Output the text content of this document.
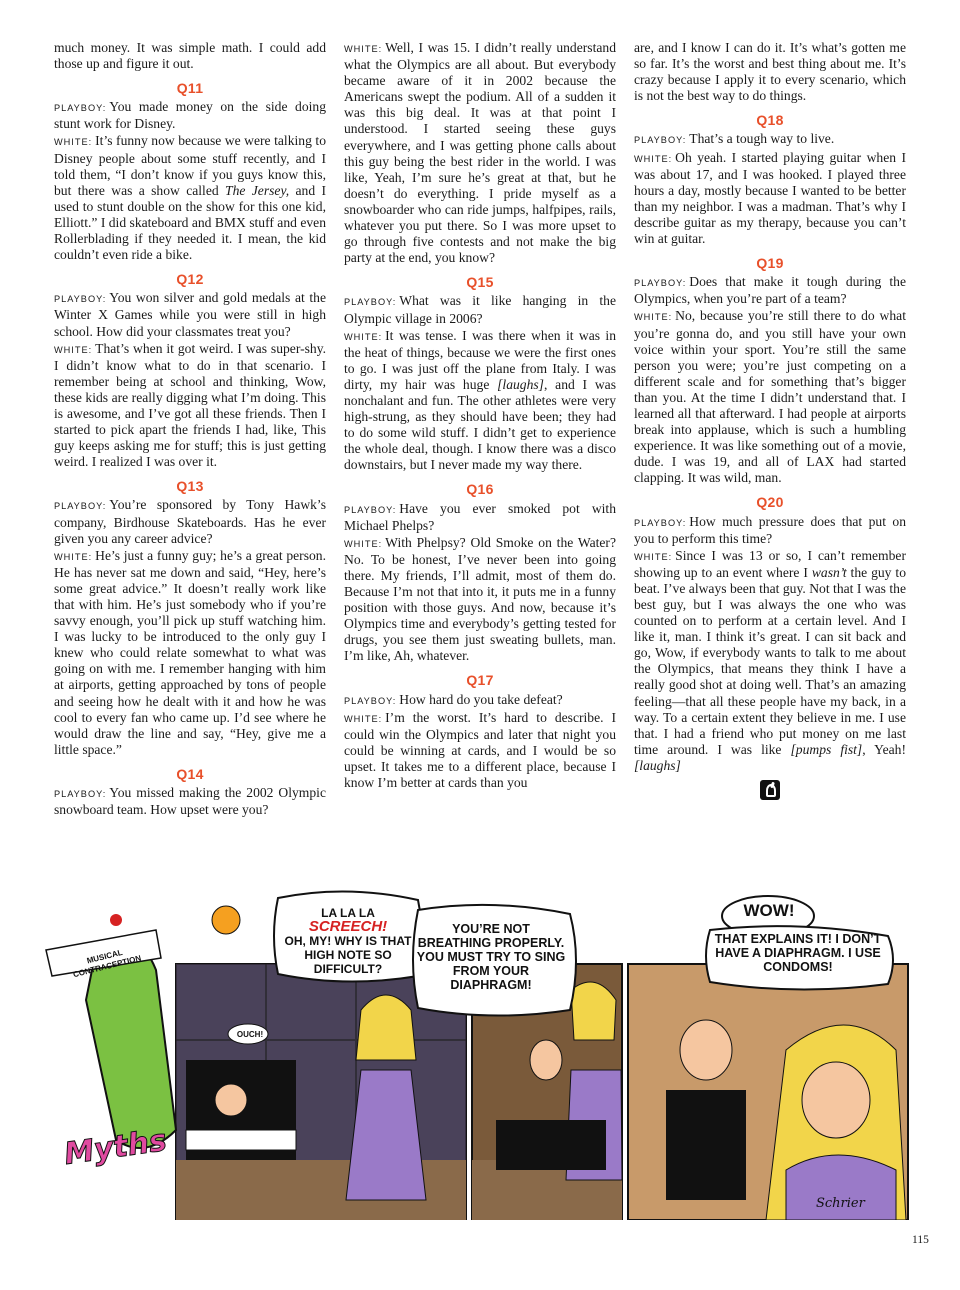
much money. It was simple math. I could add those up and figure it out.

Q11

PLAYBOY: You made money on the side doing stunt work for Disney.

WHITE: It’s funny now because we were talking to Disney people about some stuff recently, and I told them, “I don’t know if you guys know this, but there was a show called The Jersey, and I used to stunt double on the show for this one kid, Elliott.” I did skateboard and BMX stuff and even Rollerblading if they needed it. I mean, the kid couldn’t even ride a bike.

Q12

PLAYBOY: You won silver and gold medals at the Winter X Games while you were still in high school. How did your classmates treat you?

WHITE: That’s when it got weird. I was super-shy. I didn’t know what to do in that scenario. I remember being at school and thinking, Wow, these kids are really digging what I’m doing. This is awesome, and I’ve got all these friends. Then I started to pick apart the friends I had, like, This guy keeps asking me for stuff; this is just getting weird. I realized I was over it.

Q13

PLAYBOY: You’re sponsored by Tony Hawk’s company, Birdhouse Skateboards. Has he ever given you any career advice?

WHITE: He’s just a funny guy; he’s a great person. He has never sat me down and said, “Hey, here’s some great advice.” It doesn’t really work like that with him. He’s just somebody who if you’re savvy enough, you’ll pick up stuff watching him. I was lucky to be introduced to the only guy I knew who could relate somewhat to what was going on with me. I remember hanging with him at airports, getting approached by tons of people and seeing how he dealt with it and how he was cool to every fan who came up. I’d see where he would draw the line and say, “Hey, give me a little space.”

Q14

PLAYBOY: You missed making the 2002 Olympic snowboard team. How upset were you?

WHITE: Well, I was 15. I didn’t really understand what the Olympics are all about. But everybody became aware of it in 2002 because the Americans swept the podium. All of a sudden it was this big deal. It was at that point I understood. I started seeing these guys everywhere, and I was getting phone calls about this guy being the best rider in the world. I was like, Yeah, I’m sure he’s great at that, but he doesn’t do everything. I pride myself as a snowboarder who can ride jumps, halfpipes, rails, whatever you put there. So I was more upset to go through five contests and not make the big party at the end, you know?

Q15

PLAYBOY: What was it like hanging in the Olympic village in 2006?

WHITE: It was tense. I was there when it was in the heat of things, because we were the first ones to go. I was just off the plane from Italy. I was dirty, my hair was huge [laughs], and I was nonchalant and fun. The other athletes were very high-strung, as they should have been; they had to do some wild stuff. I didn’t get to experience the whole deal, though. I know there was a disco downstairs, but I never made my way there.

Q16

PLAYBOY: Have you ever smoked pot with Michael Phelps?

WHITE: With Phelpsy? Old Smoke on the Water? No. To be honest, I’ve never been into going there. My friends, I’ll admit, most of them do. Because I’m not that into it, it puts me in a funny position with those guys. And now, because it’s Olympics time and everybody’s getting tested for drugs, you see them just sweating bullets, man. I’m like, Ah, whatever.

Q17

PLAYBOY: How hard do you take defeat?

WHITE: I’m the worst. It’s hard to describe. I could win the Olympics and later that night you could be winning at cards, and I would be so upset. It takes me to a different place, because I know I’m better at cards than you

are, and I know I can do it. It’s what’s gotten me so far. It’s the worst and best thing about me. It’s crazy because I apply it to every scenario, which is not the best way to do things.

Q18

PLAYBOY: That’s a tough way to live.

WHITE: Oh yeah. I started playing guitar when I was about 17, and I was hooked. I played three hours a day, mostly because I wanted to be better than my neighbor. I was a madman. That’s why I describe guitar as my therapy, because you can’t win at guitar.

Q19

PLAYBOY: Does that make it tough during the Olympics, when you’re part of a team?

WHITE: No, because you’re still there to do what you’re gonna do, and you still have your own voice within your sport. You’re still the same person you were; you’re just competing on a different scale and for something that’s bigger than you. At the time I didn’t understand that. I learned all that afterward. I had people at airports break into applause, which is such a humbling experience. It was like something out of a movie, dude. I was 19, and all of LAX had started clapping. It was wild, man.

Q20

PLAYBOY: How much pressure does that put on you to perform this time?

WHITE: Since I was 13 or so, I can’t remember showing up to an event where I wasn’t the guy to beat. I’ve always been that guy. Not that I was the best guy, but I was always the one who was counted on to perform at a certain level. And I like it, man. I think it’s great. I can sit back and go, Wow, if everybody wants to talk to me about the Olympics, that means they think I have a really good shot at doing well. That’s an amazing feeling—that all these people have my back, in a way. To a certain extent they believe in me. I use that. I had a friend who put money on me last time around. I was like [pumps fist], Yeah! [laughs]

MUSICAL CONTRACEPTION
LA LA LA
SCREECH!
OH, MY! WHY IS THAT HIGH NOTE SO DIFFICULT?
OUCH!
YOU’RE NOT BREATHING PROPERLY. YOU MUST TRY TO SING FROM YOUR DIAPHRAGM!
WOW!
THAT EXPLAINS IT! I DON’T HAVE A DIAPHRAGM. I USE CONDOMS!
Myths
Schrier
115
